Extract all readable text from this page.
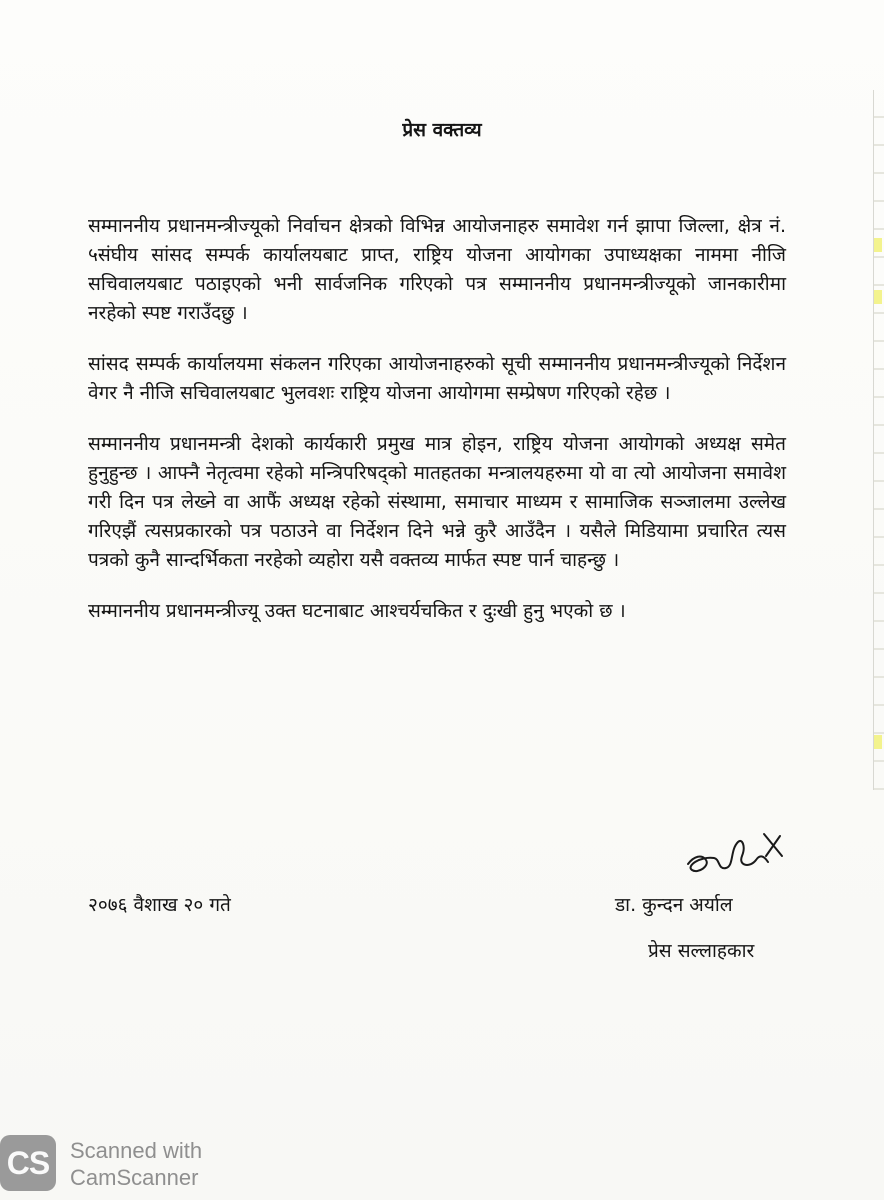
प्रेस वक्तव्य

सम्माननीय प्रधानमन्त्रीज्यूको निर्वाचन क्षेत्रको विभिन्न आयोजनाहरु समावेश गर्न झापा जिल्ला, क्षेत्र नं. ५संघीय सांसद सम्पर्क कार्यालयबाट प्राप्त, राष्ट्रिय योजना आयोगका उपाध्यक्षका नाममा नीजि सचिवालयबाट पठाइएको भनी सार्वजनिक गरिएको पत्र सम्माननीय प्रधानमन्त्रीज्यूको जानकारीमा नरहेको स्पष्ट गराउँदछु ।

सांसद सम्पर्क कार्यालयमा संकलन गरिएका आयोजनाहरुको सूची सम्माननीय प्रधानमन्त्रीज्यूको निर्देशन वेगर नै नीजि सचिवालयबाट भुलवशः राष्ट्रिय योजना आयोगमा सम्प्रेषण गरिएको रहेछ ।

सम्माननीय प्रधानमन्त्री देशको कार्यकारी प्रमुख मात्र होइन, राष्ट्रिय योजना आयोगको अध्यक्ष समेत हुनुहुन्छ । आफ्नै नेतृत्वमा रहेको मन्त्रिपरिषद्को मातहतका मन्त्रालयहरुमा यो वा त्यो आयोजना समावेश गरी दिन पत्र लेख्ने वा आफैं अध्यक्ष रहेको संस्थामा, समाचार माध्यम र सामाजिक सञ्जालमा उल्लेख गरिएझैं त्यसप्रकारको पत्र पठाउने वा निर्देशन दिने भन्ने कुरै आउँदैन । यसैले मिडियामा प्रचारित त्यस पत्रको कुनै सान्दर्भिकता नरहेको व्यहोरा यसै वक्तव्य मार्फत स्पष्ट पार्न चाहन्छु ।

सम्माननीय प्रधानमन्त्रीज्यू उक्त घटनाबाट आश्चर्यचकित र दुःखी हुनु भएको छ ।

२०७६ वैशाख २० गते	डा. कुन्दन अर्याल
प्रेस सल्लाहकार
CS Scanned with
CamScanner
